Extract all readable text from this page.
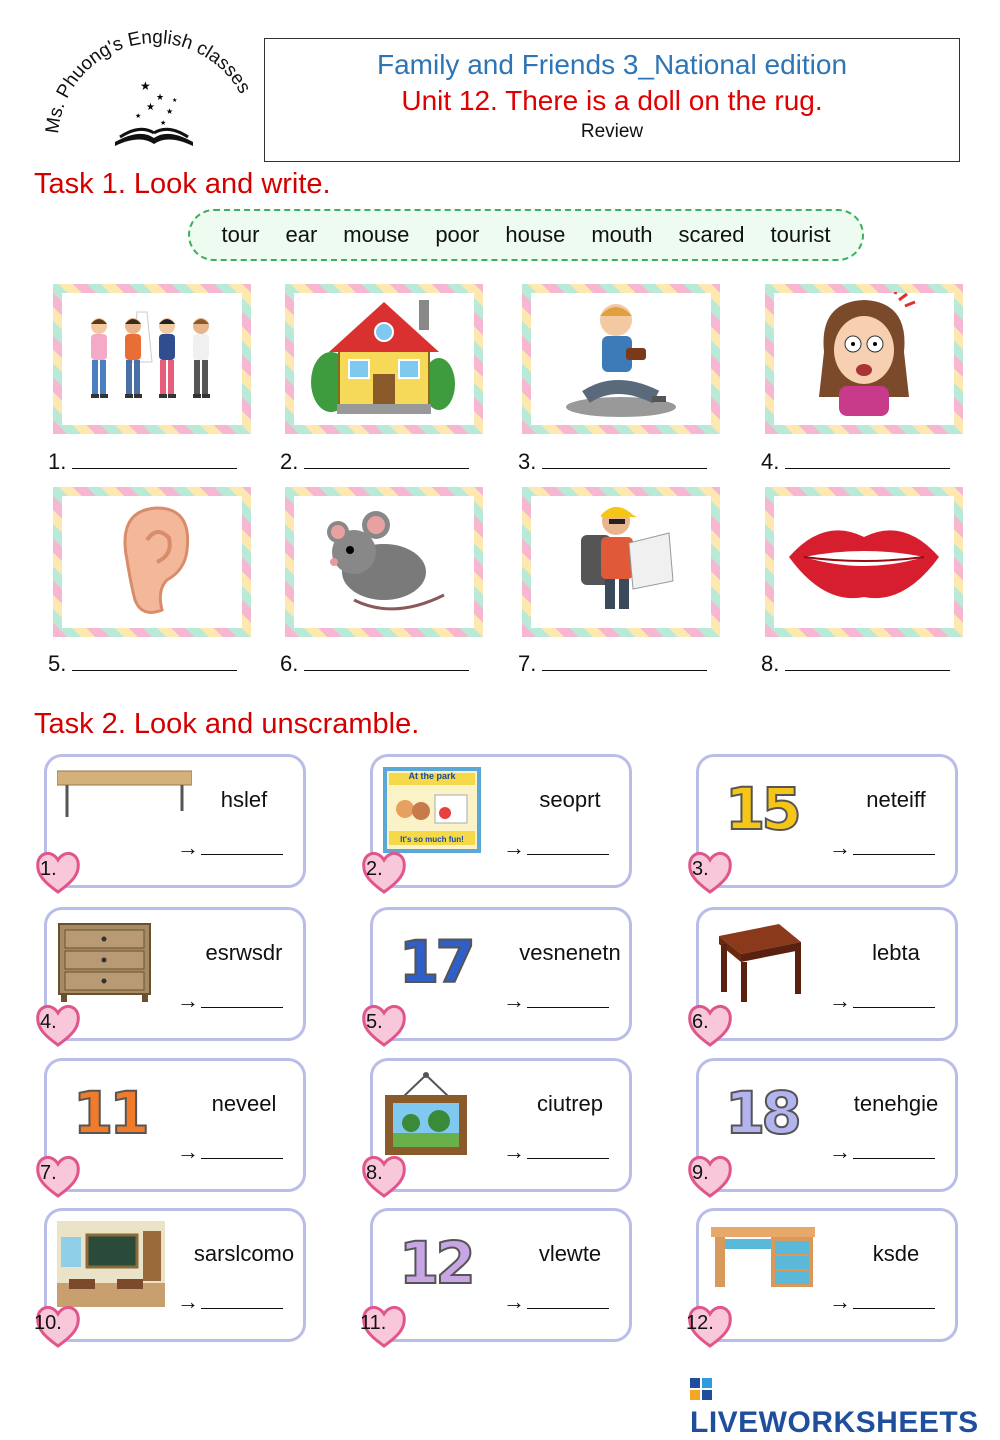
Ms. Phuong's English classes
★
★
★ ★
★
★
★
Family and Friends 3_National edition
Unit 12. There is a doll on the rug.
Review
Task 1. Look and write.
tour ear mouse poor house mouth scared tourist
1.	2.	3.	4.
5.	6.	7.	8.
Task 2. Look and unscramble.
hslef
→
1.
At the park
It's so much fun!
seoprt
→
2.
15	neteiff
→
3.
esrwsdr
→
4.
17 vesnenetn
→
5.
lebta
→
6.
11	neveel
→
7.
ciutrep
→
8.
18	tenehgie
→
9.
sarslcomo
→
10.
12	vlewte
→
11.
ksde
→
12.
LIVEWORKSHEETS
